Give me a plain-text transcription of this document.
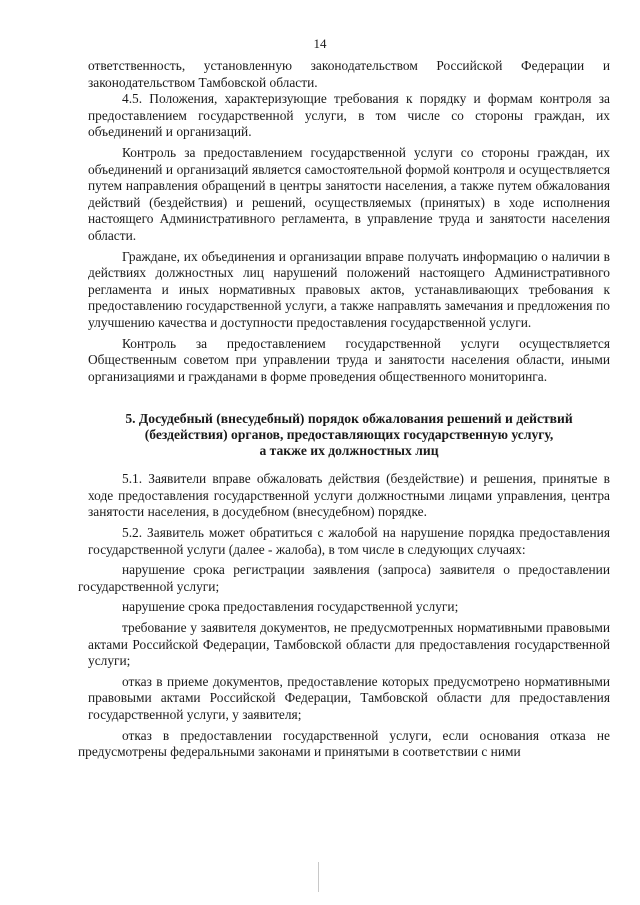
14

ответственность, установленную законодательством Российской Федерации и законодательством Тамбовской области.

4.5. Положения, характеризующие требования к порядку и формам контроля за предоставлением государственной услуги, в том числе со стороны граждан, их объединений и организаций.

Контроль за предоставлением государственной услуги со стороны граждан, их объединений и организаций является самостоятельной формой контроля и осуществляется путем направления обращений в центры занятости населения, а также путем обжалования действий (бездействия) и решений, осуществляемых (принятых) в ходе исполнения настоящего Административного регламента, в управление труда и занятости населения области.

Граждане, их объединения и организации вправе получать информацию о наличии в действиях должностных лиц нарушений положений настоящего Административного регламента и иных нормативных правовых актов, устанавливающих требования к предоставлению государственной услуги, а также направлять замечания и предложения по улучшению качества и доступности предоставления государственной услуги.

Контроль за предоставлением государственной услуги осуществляется Общественным советом при управлении труда и занятости населения области, иными организациями и гражданами в форме проведения общественного мониторинга.

5. Досудебный (внесудебный) порядок обжалования решений и действий
(бездействия) органов, предоставляющих государственную услугу,
а также их должностных лиц

5.1. Заявители вправе обжаловать действия (бездействие) и решения, принятые в ходе предоставления государственной услуги должностными лицами управления, центра занятости населения, в досудебном (внесудебном) порядке.

5.2. Заявитель может обратиться с жалобой на нарушение порядка предоставления государственной услуги (далее - жалоба), в том числе в следующих случаях:

нарушение срока регистрации заявления (запроса) заявителя о предоставлении государственной услуги;

нарушение срока предоставления государственной услуги;

требование у заявителя документов, не предусмотренных нормативными правовыми актами Российской Федерации, Тамбовской области для предоставления государственной услуги;

отказ в приеме документов, предоставление которых предусмотрено нормативными правовыми актами Российской Федерации, Тамбовской области для предоставления государственной услуги, у заявителя;

отказ в предоставлении государственной услуги, если основания отказа не предусмотрены федеральными законами и принятыми в соответствии с ними
